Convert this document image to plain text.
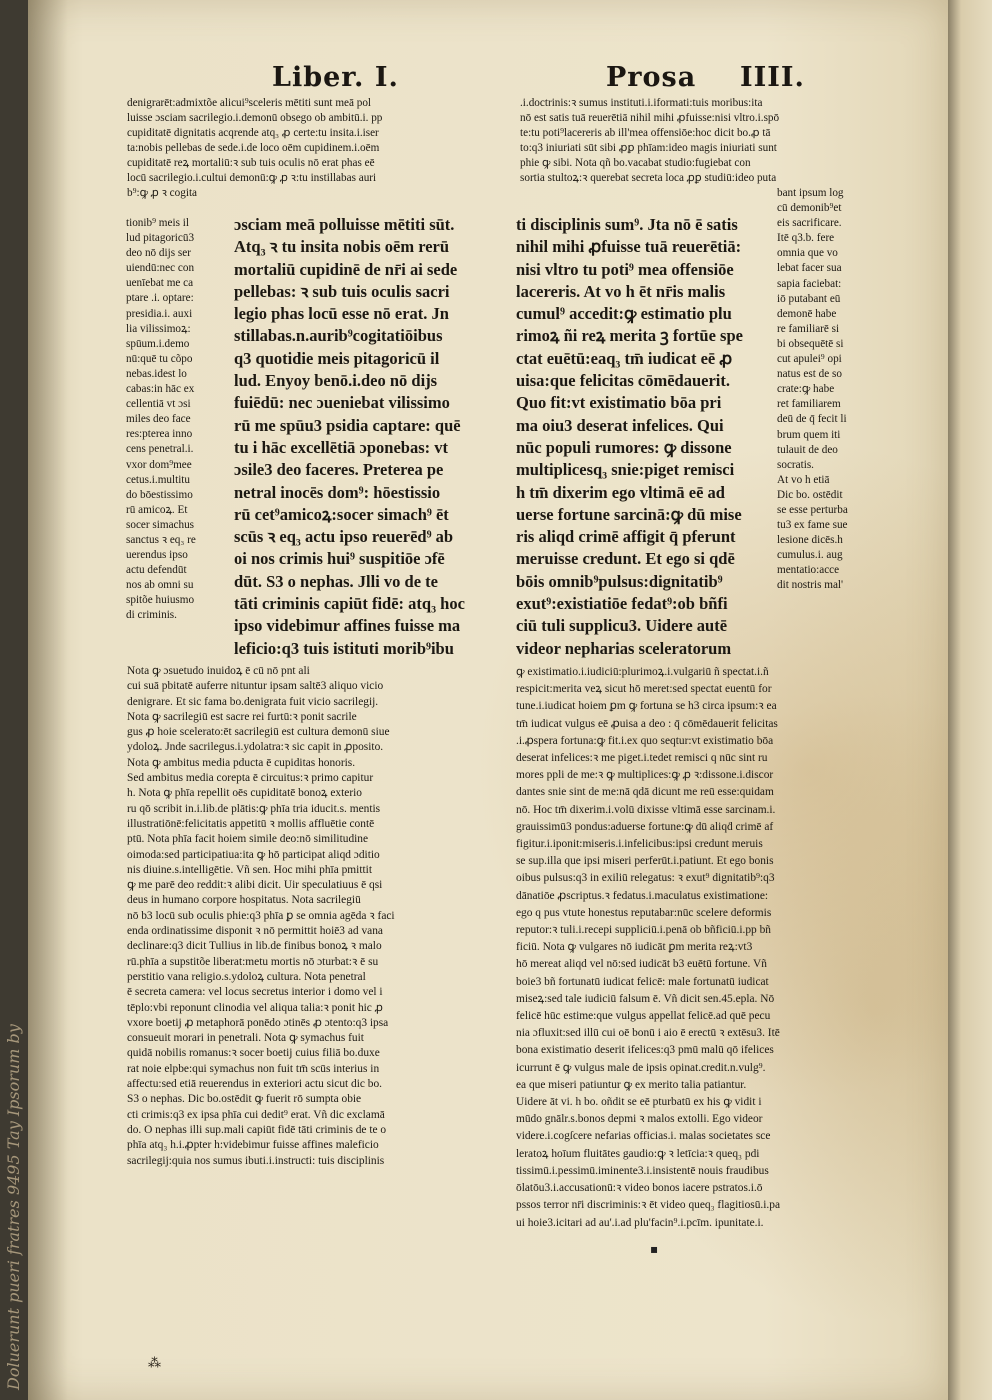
Liber. I.	Prosa IIII.

denigrarēt:admixtõe alicui⁹sceleris mētiti sunt meā pol

luisse ɔsciam sacrilegio.i.demonū obsego ob ambitū.i. pp

cupiditatē dignitatis acqrende atq₃ ꝓ certe:tu insita.i.iser

ta:nobis pellebas de sede.i.de loco oēm cupidinem.i.oēm

cupiditatē reꝝ mortaliū:ꝛ sub tuis oculis nō erat phas eē

locū sacrilegio.i.cultui demonū:ꝙ ꝓ ꝛ:tu instillabas auri

b⁹:ꝙ ꝓ ꝛ cogita

tionib⁹ meis il

lud pitagoricū3

deo nō dijs ser

uiendū:nec con

uenīebat me ca

ptare .i. optare:

presidia.i. auxi

lia vilissimoꝝ:

spūum.i.demo

nū:quē tu cõpo

nebas.idest lo

cabas:in hāc ex

cellentiā vt ɔsi

miles deo face

res:pterea inno

cens penetral.i.

vxor dom⁹mee

cetus.i.multitu

do bōestissimo

rū amicoꝝ. Et

socer simachus

sanctus ꝛ eq₃ re

uerendus ipso

actu defendūt

nos ab omni su

spitõe huiusmo

di criminis.

ɔsciam meā polluisse mētiti sūt.

Atq₃ ꝛ tu insita nobis oēm rerū

mortaliū cupidinē de nr̄i ai sede

pellebas: ꝛ sub tuis oculis sacri

legio phas locū esse nō erat. Jn

stillabas.n.aurib⁹cogitatiōibus

q3 quotidie meis pitagoricū il

lud. Enyoy benō.i.deo nō dijs

fuiēdū: nec ɔueniebat vilissimo

rū me spūu3 psidia captare: quē

tu i hāc excellētiā ɔponebas: vt

ɔsile3 deo faceres. Preterea pe

netral inocēs dom⁹: hōestissio

rū cet⁹amicoꝝ:socer simach⁹ ēt

scūs ꝛ eq₃ actu ipso reuerēd⁹ ab

oi nos crimis hui⁹ suspitiōe ɔfē

dūt. S3 o nephas. Jlli vo de te

tāti criminis capiūt fidē: atq₃ hoc

ipso videbimur affines fuisse ma

leficio:q3 tuis istituti morib⁹ibu

Nota ꝙ ɔsuetudo inuidoꝝ ē cū nō pnt ali

cui suā pbitatē auferre nituntur ipsam saltē3 aliquo vicio

denigrare. Et sic fama bo.denigrata fuit vicio sacrilegij.

Nota ꝙ sacrilegiū est sacre rei furtū:ꝛ ponit sacrile

gus ꝓ hoie scelerato:ēt sacrilegiū est cultura demonū siue

ydoloꝝ. Jnde sacrilegus.i.ydolatra:ꝛ sic capit in ꝓposito.

Nota ꝙ ambitus media pducta ē cupiditas honoris.

Sed ambitus media corepta ē circuitus:ꝛ primo capitur

h. Nota ꝙ phīa repellit oēs cupiditatē bonoꝝ exterio

ru qō scribit in.i.lib.de plātis:ꝙ phīa tria iducit.s. mentis

illustratiōnē:felicitatis appetitū ꝛ mollis affluētie contē

ptū. Nota phīa facit hoiem simile deo:nō similitudine

oimoda:sed participatiua:ita ꝙ hō participat aliqd ɔditio

nis diuine.s.intelligētie. Vñ sen. Hoc mihi phīa pmittit

ꝙ me parē deo reddit:ꝛ alibi dicit. Uir speculatiuus ē qsi

deus in humano corpore hospitatus. Nota sacrilegiū

nō b3 locū sub oculis phie:q3 phīa ꝑ se omnia agēda ꝛ faci

enda ordinatissime disponit ꝛ nō permittit hoiē3 ad vana

declinare:q3 dicit Tullius in lib.de finibus bonoꝝ ꝛ malo

rū.phīa a supstitõe liberat:metu mortis nō ɔturbat:ꝛ ē su

perstitio vana religio.s.ydoloꝝ cultura. Nota penetral

ē secreta camera: vel locus secretus interior i domo vel i

tēplo:vbi reponunt clinodia vel aliqua talia:ꝛ ponit hic ꝓ

vxore boetij ꝓ metaphorā ponēdo ɔtinēs ꝓ ɔtento:q3 ipsa

consueuit morari in penetrali. Nota ꝙ symachus fuit

quidā nobilis romanus:ꝛ socer boetij cuius filiā bo.duxe

rat noie elpbe:qui symachus non fuit tm̄ scūs interius in

affectu:sed etiā reuerendus in exteriori actu sicut dic bo.

S3 o nephas. Dic bo.ostēdit ꝙ fuerit rō sumpta obie

cti crimis:q3 ex ipsa phīa cui dedit⁹ erat. Vñ dic exclamā

do. O nephas illi sup.mali capiūt fidē tāti criminis de te o

phīa atq₃ h.i.ꝓpter h:videbimur fuisse affines maleficio

sacrilegij:quia nos sumus ibuti.i.instructi: tuis disciplinis

.i.doctrinis:ꝛ sumus instituti.i.iformati:tuis moribus:ita

nō est satis tuā reuerētiā nihil mihi ꝓfuisse:nisi vltro.i.spō

te:tu poti⁹lacereris ab ill'mea offensiōe:hoc dicit bo.ꝓ tā

to:q3 iniuriati sūt sibi ꝓꝑ phīam:ideo magis iniuriati sunt

phie ꝙ sibi. Nota qñ bo.vacabat studio:fugiebat con

sortia stultoꝝ:ꝛ querebat secreta loca ꝓꝑ studiū:ideo puta

ti disciplinis sum⁹. Jta nō ē satis

nihil mihi ꝓfuisse tuā reuerētiā:

nisi vltro tu poti⁹ mea offensiōe

lacereris. At vo h ēt nr̄is malis

cumul⁹ accedit:ꝙ estimatio plu

rimoꝝ ñi reꝝ merita ꝫ fortūe spe

ctat euētū:eaq₃ tm̄ iudicat eē ꝓ

uisa:que felicitas cōmēdauerit.

Quo fit:vt existimatio bōa pri

ma oiu3 deserat infelices. Qui

nūc populi rumores: ꝙ dissone

multiplicesq₃ snie:piget remisci

h tm̄ dixerim ego vltimā eē ad

uerse fortune sarcinā:ꝙ dū mise

ris aliqd crimē affigit q̄ pferunt

meruisse credunt. Et ego si qdē

bōis omnib⁹pulsus:dignitatib⁹

exut⁹:existiatiōe fedat⁹:ob bñfi

ciū tuli supplicu3. Uidere autē

videor nepharias sceleratorum

bant ipsum log

cū demonib⁹et

eis sacrificare.

Itē q3.b. fere

omnia que vo

lebat facer sua

sapia faciebat:

iō putabant eū

demonē habe

re familiarē si

bi obsequētē si

cut apulei⁹ opi

natus est de so

crate:ꝙ habe

ret familiarem

deū de q̄ fecit li

brum quem iti

tulauit de deo

socratis.

At vo h etiā

Dic bo. ostēdit

se esse perturba

tu3 ex fame sue

lesione dicēs.h

cumulus.i. aug

mentatio:acce

dit nostris mal'

ꝙ existimatio.i.iudiciū:plurimoꝝ.i.vulgariū ñ spectat.i.ñ

respicit:merita veꝝ sicut hō meret:sed spectat euentū for

tune.i.iudicat hoiem ꝑm ꝙ fortuna se h3 circa ipsum:ꝛ ea

tm̄ iudicat vulgus eē ꝓuisa a deo : q̄ cōmēdauerit felicitas

.i.ꝓspera fortuna:ꝙ fit.i.ex quo seqtur:vt existimatio bōa

deserat infelices:ꝛ me piget.i.tedet remisci q nūc sint ru

mores ppli de me:ꝛ ꝙ multiplices:ꝙ ꝓ ꝛ:dissone.i.discor

dantes snie sint de me:nā qdā dicunt me reū esse:quidam

nō. Hoc tm̄ dixerim.i.volū dixisse vltimā esse sarcinam.i.

grauissimū3 pondus:aduerse fortune:ꝙ dū aliqḋ crimē af

figitur.i.iponit:miseris.i.infelicibus:ipsi credunt meruis

se sup.illa que ipsi miseri perferūt.i.patiunt. Et ego bonis

oibus pulsus:q3 in exiliū relegatus: ꝛ exut⁹ dignitatib⁹:q3

dānatiōe ꝓscriptus.ꝛ fedatus.i.maculatus existimatione:

ego q pus vtute honestus reputabar:nūc scelere deformis

reputor:ꝛ tuli.i.recepi suppliciū.i.penā ob bñficiū.i.pp bñ

ficiū. Nota ꝙ vulgares nō iudicāt ꝑm merita reꝝ:vt3

hō mereat aliqd vel nō:sed iudicāt b3 euētū fortune. Vñ

boie3 bñ fortunatū iudicat felicē: male fortunatū iudicat

miseꝝ:sed tale iudiciū falsum ē. Vñ dicit sen.45.epla. Nō

felicē hūc estime:que vulgus appellat felicē.ad quē pecu

nia ɔfluxit:sed illū cui oē bonū i aio ē erectū ꝛ extēsu3. Itē

bona existimatio deserit ifelices:q3 pmū malū qō ifelices

icurrunt ē ꝙ vulgus male de ipsis opinat.credit.n.vulg⁹.

ea que miseri patiuntur ꝙ ex merito talia patiantur.

Uidere āt vi. h bo. oñdit se eē pturbatū ex his ꝙ vidit i

mūdo gnālr.s.bonos depmi ꝛ malos extolli. Ego videor

videre.i.cogſcere nefarias officias.i. malas societates sce

leratoꝝ hoīum fluitātes gaudio:ꝙ ꝛ letīcia:ꝛ queq₃ pdi

tissimū.i.pessimū.iminente3.i.insistentē nouis fraudibus

ōlatōu3.i.accusationū:ꝛ video bonos iacere pstratos.i.ō

pssos terror nr̄i discriminis:ꝛ ēt video queq₃ flagitiosū.i.pa

ui hoie3.icitari ad au'.i.ad plu'facin⁹.i.pcīm. ipunitate.i.

Doluerunt pueri fratres 9495 Tay Ipsorum by	▪
⁂
